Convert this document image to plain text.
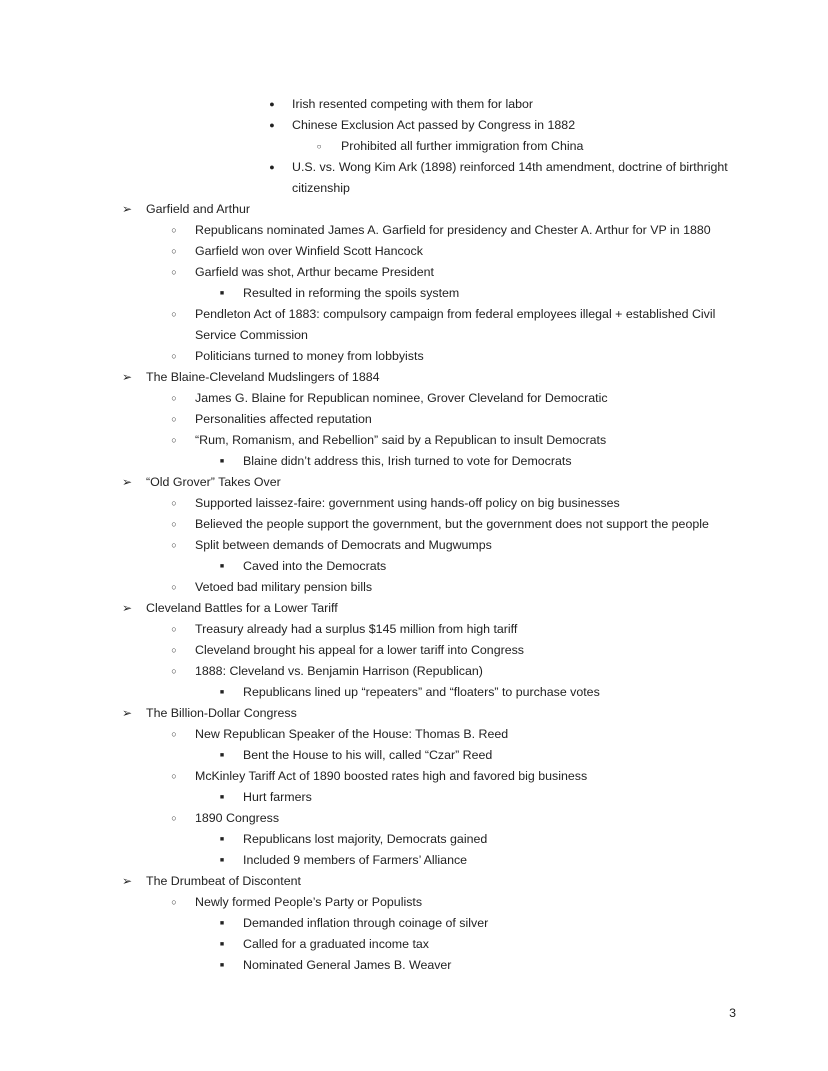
●	Irish resented competing with them for labor
●	Chinese Exclusion Act passed by Congress in 1882
○	Prohibited all further immigration from China
●	U.S. vs. Wong Kim Ark (1898) reinforced 14th amendment, doctrine of birthright
citizenship
➢ Garfield and Arthur
○	Republicans nominated James A. Garfield for presidency and Chester A. Arthur for VP in 1880
○	Garfield won over Winfield Scott Hancock
○	Garfield was shot, Arthur became President
■	Resulted in reforming the spoils system
○	Pendleton Act of 1883: compulsory campaign from federal employees illegal + established Civil
Service Commission
○	Politicians turned to money from lobbyists
➢ The Blaine-Cleveland Mudslingers of 1884
○	James G. Blaine for Republican nominee, Grover Cleveland for Democratic
○	Personalities affected reputation
○	“Rum, Romanism, and Rebellion” said by a Republican to insult Democrats
■	Blaine didn’t address this, Irish turned to vote for Democrats
➢ “Old Grover” Takes Over
○	Supported laissez-faire: government using hands-off policy on big businesses
○	Believed the people support the government, but the government does not support the people
○	Split between demands of Democrats and Mugwumps
■	Caved into the Democrats
○	Vetoed bad military pension bills
➢ Cleveland Battles for a Lower Tariff
○	Treasury already had a surplus $145 million from high tariff
○	Cleveland brought his appeal for a lower tariff into Congress
○	1888: Cleveland vs. Benjamin Harrison (Republican)
■	Republicans lined up “repeaters” and “floaters” to purchase votes
➢ The Billion-Dollar Congress
○	New Republican Speaker of the House: Thomas B. Reed
■	Bent the House to his will, called “Czar” Reed
○	McKinley Tariff Act of 1890 boosted rates high and favored big business
■	Hurt farmers
○	1890 Congress
■	Republicans lost majority, Democrats gained
■	Included 9 members of Farmers’ Alliance
➢ The Drumbeat of Discontent
○	Newly formed People’s Party or Populists
■	Demanded inflation through coinage of silver
■	Called for a graduated income tax
■	Nominated General James B. Weaver
3
